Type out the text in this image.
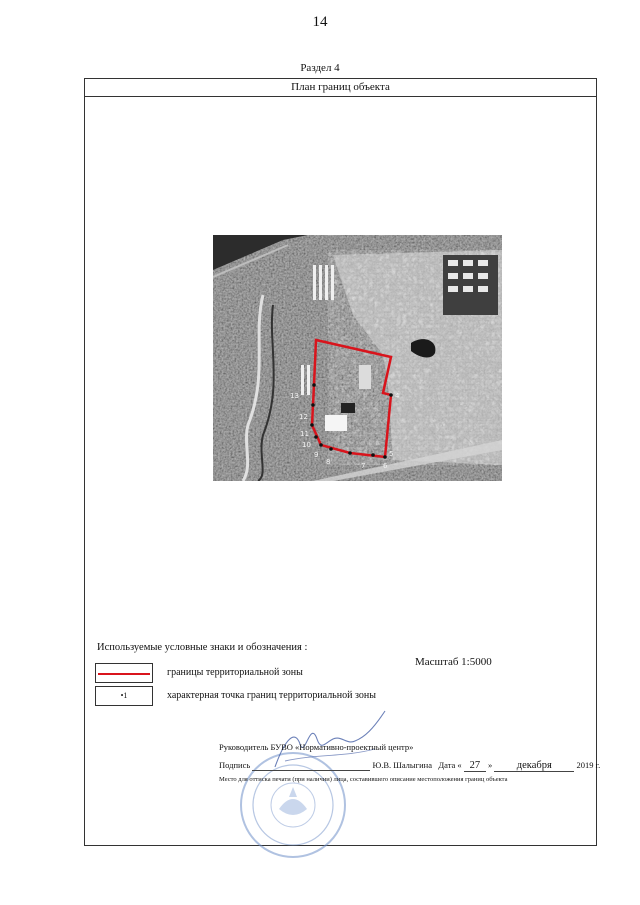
14
Раздел 4
План границ объекта
4
5
6
7
8
9
10
11
12
13
Используемые условные знаки и обозначения :
Масштаб 1:5000
границы территориальной зоны
•1	характерная точка границ территориальной зоны
Руководитель БУВО «Нормативно-проектный центр»
Подпись	Ю.В. Шалыгина Дата « 27 » декабря	2019 г.
Место для оттиска печати (при наличии) лица, составившего описание местоположения границ объекта
